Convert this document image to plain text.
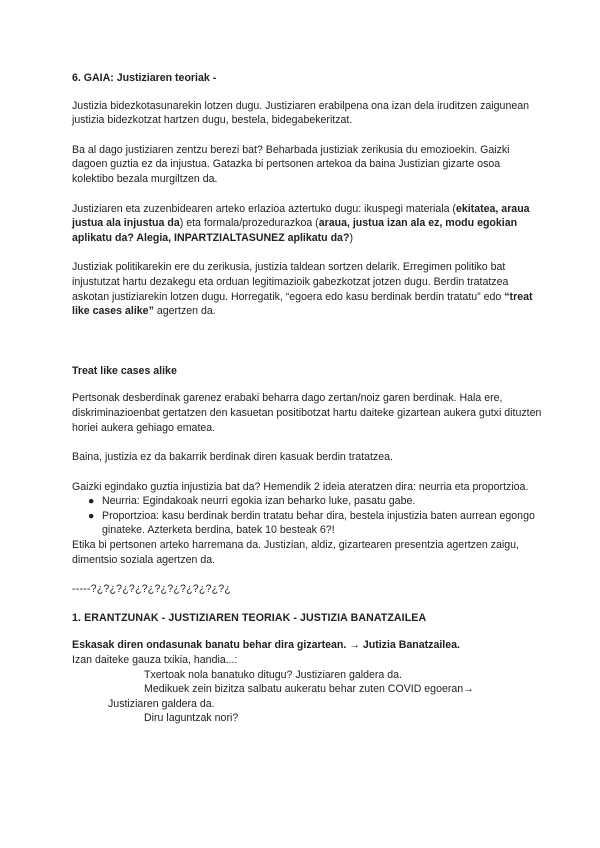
6. GAIA: Justiziaren teoriak -

Justizia bidezkotasunarekin lotzen dugu. Justiziaren erabilpena ona izan dela iruditzen zaigunean justizia bidezkotzat hartzen dugu, bestela, bidegabekeritzat.

Ba al dago justiziaren zentzu berezi bat? Beharbada justiziak zerikusia du emozioekin. Gaizki dagoen guztia ez da injustua. Gatazka bi pertsonen artekoa da baina Justizian gizarte osoa kolektibo bezala murgiltzen da.

Justiziaren eta zuzenbidearen arteko erlazioa aztertuko dugu: ikuspegi materiala (ekitatea, araua justua ala injustua da) eta formala/prozedurazkoa (araua, justua izan ala ez, modu egokian aplikatu da? Alegia, INPARTZIALTASUNEZ aplikatu da?)

Justiziak politikarekin ere du zerikusia, justizia taldean sortzen delarik. Erregimen politiko bat injustutzat hartu dezakegu eta orduan legitimazioik gabezkotzat jotzen dugu. Berdin tratatzea askotan justiziarekin lotzen dugu. Horregatik, “egoera edo kasu berdinak berdin tratatu” edo “treat like cases alike” agertzen da.

Treat like cases alike

Pertsonak desberdinak garenez erabaki beharra dago zertan/noiz garen berdinak. Hala ere, diskriminazioenbat gertatzen den kasuetan positibotzat hartu daiteke gizartean aukera gutxi dituzten horiei aukera gehiago ematea.

Baina, justizia ez da bakarrik berdinak diren kasuak berdin tratatzea.

Gaizki egindako guztia injustizia bat da? Hemendik 2 ideia ateratzen dira: neurria eta proportzioa.

● Neurria: Egindakoak neurri egokia izan beharko luke, pasatu gabe.
● Proportzioa: kasu berdinak berdin tratatu behar dira, bestela injustizia baten aurrean egongo ginateke. Azterketa berdina, batek 10 besteak 6?!

Etika bi pertsonen arteko harremana da. Justizian, aldiz, gizartearen presentzia agertzen zaigu, dimentsio soziala agertzen da.

-----?¿?¿?¿?¿?¿?¿?¿?¿?¿?¿?¿

1. ERANTZUNAK - JUSTIZIAREN TEORIAK - JUSTIZIA BANATZAILEA

Eskasak diren ondasunak banatu behar dira gizartean. → Jutizia Banatzailea.

Izan daiteke gauza txikia, handia...:

Txertoak nola banatuko ditugu? Justiziaren galdera da.

Medikuek zein bizitza salbatu aukeratu behar zuten COVID egoeran→

Justiziaren galdera da.

Diru laguntzak nori?
